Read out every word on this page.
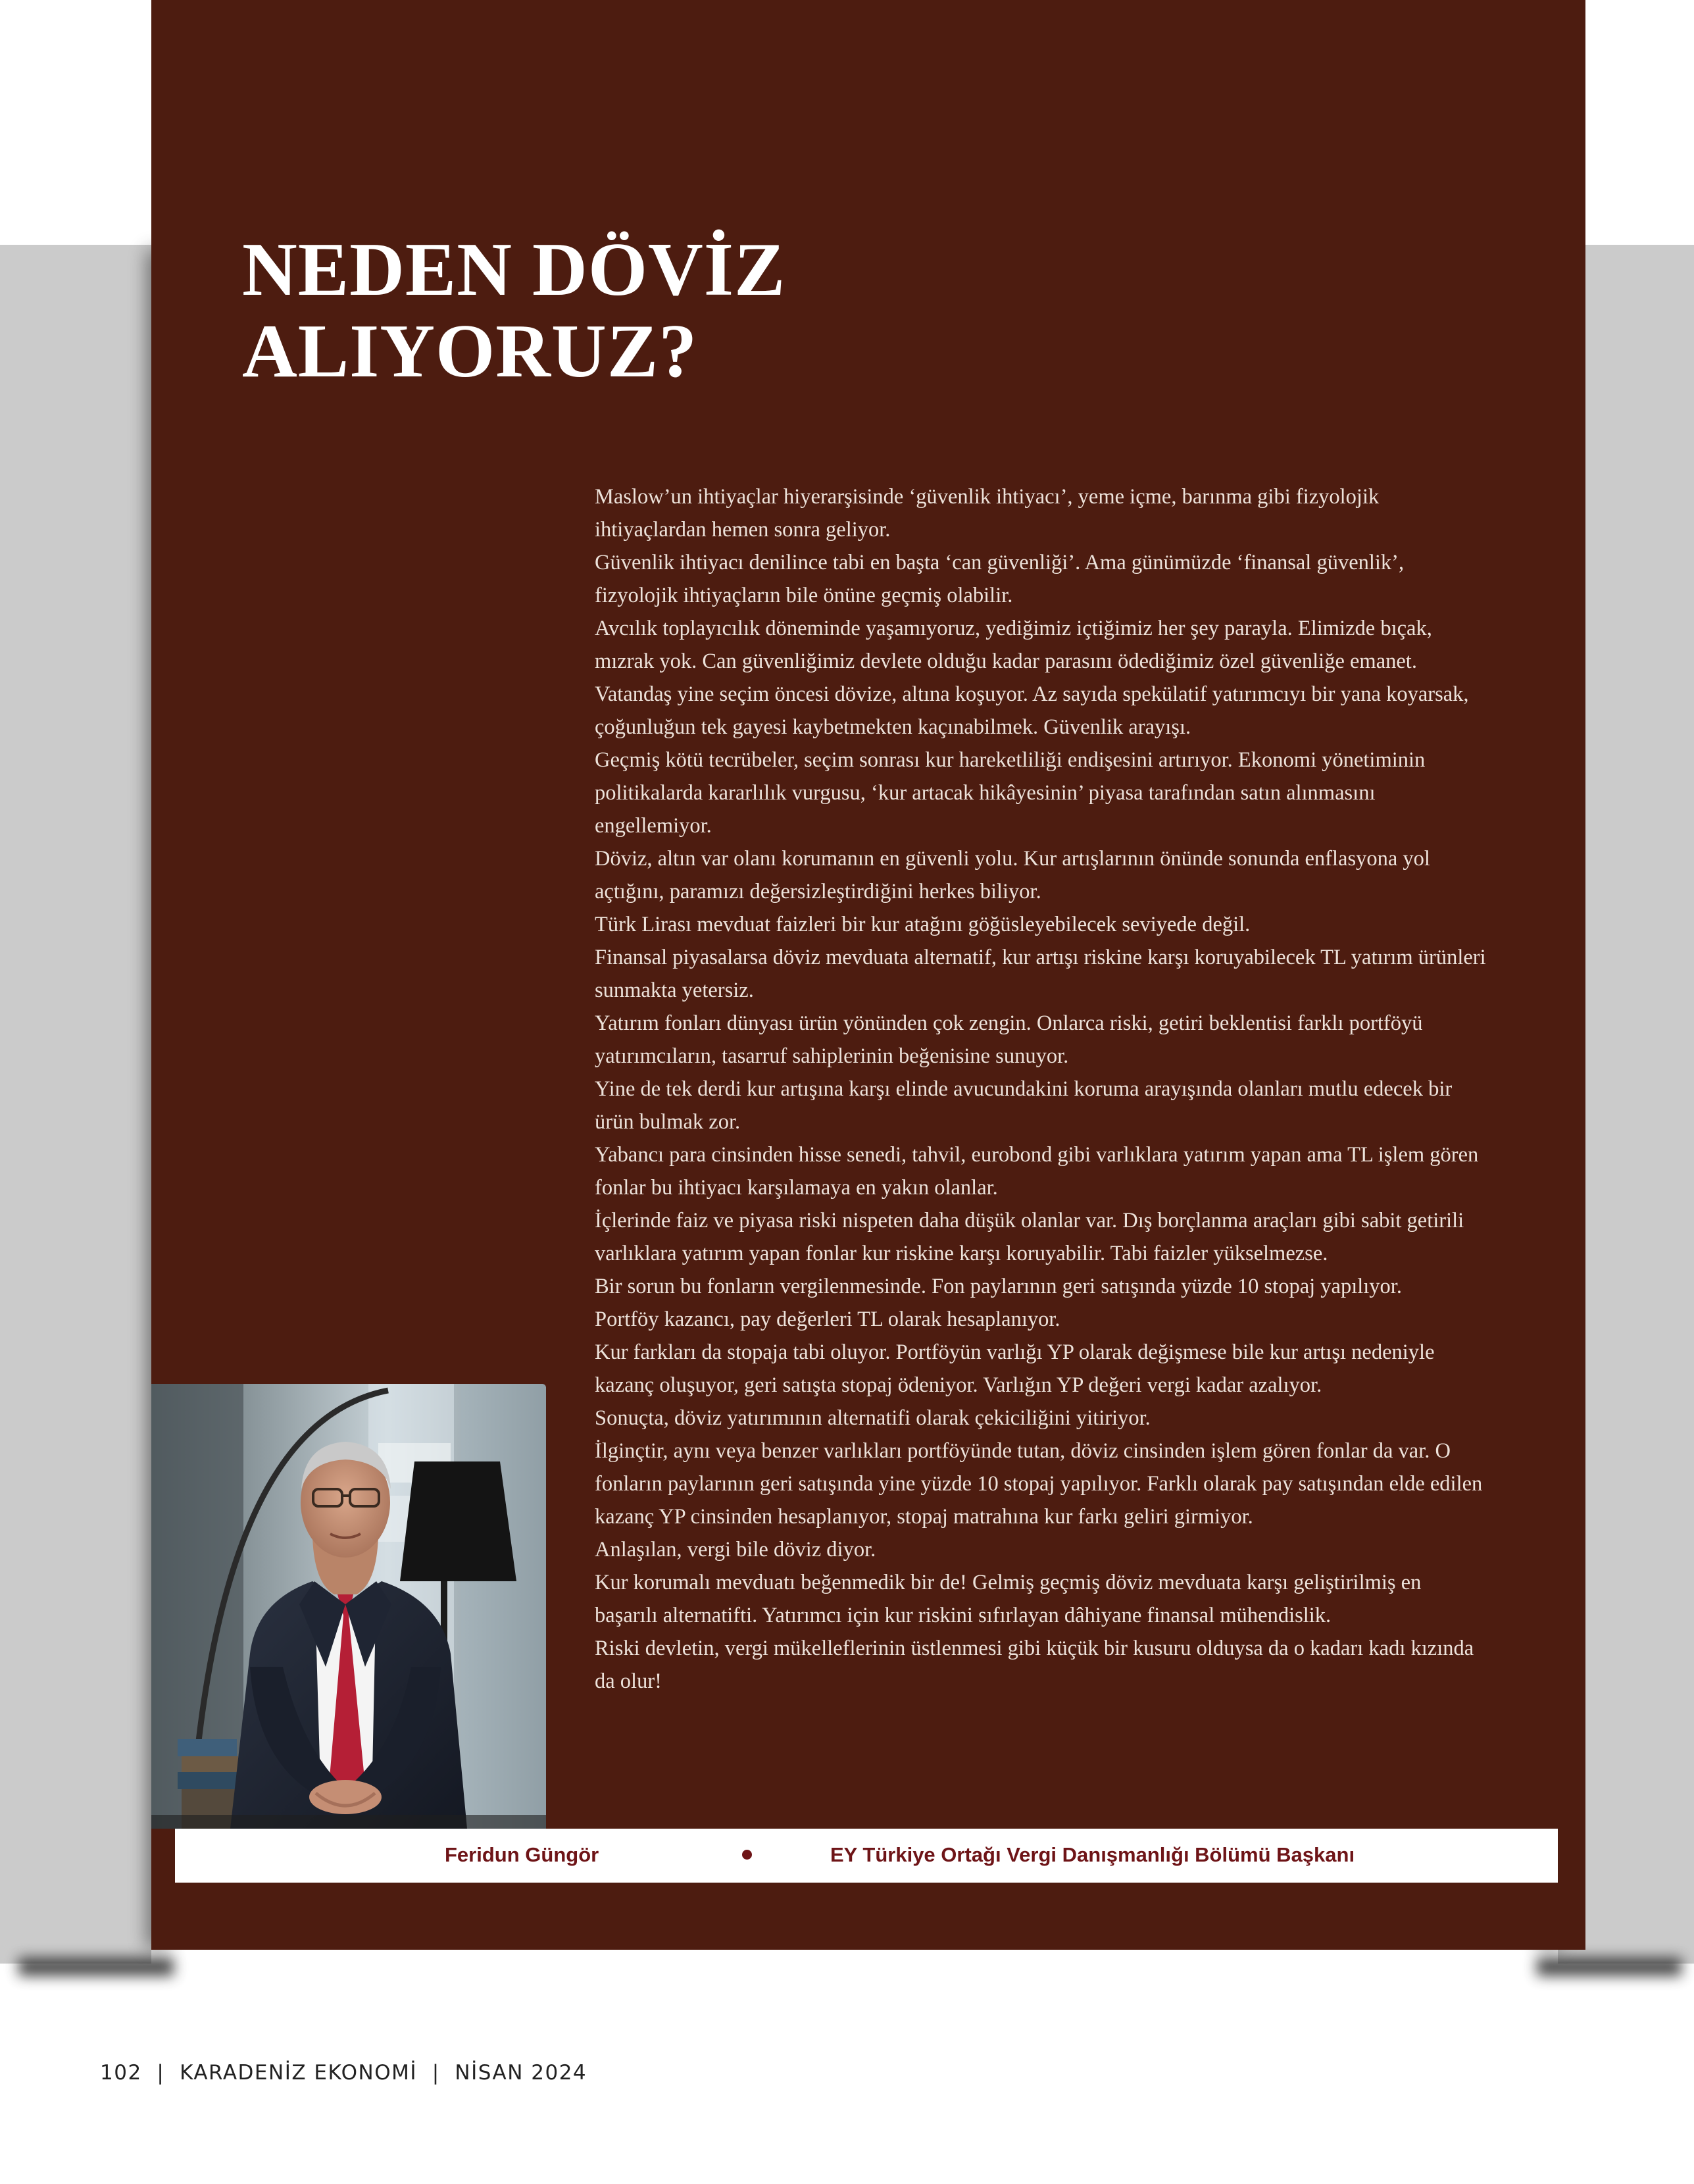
NEDEN DÖVİZ
ALIYORUZ?

Maslow’un ihtiyaçlar hiyerarşisinde ‘güvenlik ihtiyacı’, yeme içme, barınma gibi fizyolojik ihtiyaçlardan hemen sonra geliyor.

Güvenlik ihtiyacı denilince tabi en başta ‘can güvenliği’. Ama günümüzde ‘finansal güvenlik’, fizyolojik ihtiyaçların bile önüne geçmiş olabilir.

Avcılık toplayıcılık döneminde yaşamıyoruz, yediğimiz içtiğimiz her şey parayla. Elimizde bıçak, mızrak yok. Can güvenliğimiz devlete olduğu kadar parasını ödediğimiz özel güvenliğe emanet.

Vatandaş yine seçim öncesi dövize, altına koşuyor. Az sayıda spekülatif yatırımcıyı bir yana koyarsak, çoğunluğun tek gayesi kaybetmekten kaçınabilmek. Güvenlik arayışı.

Geçmiş kötü tecrübeler, seçim sonrası kur hareketliliği endişesini artırıyor. Ekonomi yönetiminin politikalarda kararlılık vurgusu, ‘kur artacak hikâyesinin’ piyasa tarafından satın alınmasını engellemiyor.

Döviz, altın var olanı korumanın en güvenli yolu. Kur artışlarının önünde sonunda enflasyona yol açtığını, paramızı değersizleştirdiğini herkes biliyor.

Türk Lirası mevduat faizleri bir kur atağını göğüsleyebilecek seviyede değil.

Finansal piyasalarsa döviz mevduata alternatif, kur artışı riskine karşı koruyabilecek TL yatırım ürünleri sunmakta yetersiz.

Yatırım fonları dünyası ürün yönünden çok zengin. Onlarca riski, getiri beklentisi farklı portföyü yatırımcıların, tasarruf sahiplerinin beğenisine sunuyor.

Yine de tek derdi kur artışına karşı elinde avucundakini koruma arayışında olanları mutlu edecek bir ürün bulmak zor.

Yabancı para cinsinden hisse senedi, tahvil, eurobond gibi varlıklara yatırım yapan ama TL işlem gören fonlar bu ihtiyacı karşılamaya en yakın olanlar.

İçlerinde faiz ve piyasa riski nispeten daha düşük olanlar var. Dış borçlanma araçları gibi sabit getirili varlıklara yatırım yapan fonlar kur riskine karşı koruyabilir. Tabi faizler yükselmezse.

Bir sorun bu fonların vergilenmesinde. Fon paylarının geri satışında yüzde 10 stopaj yapılıyor.

Portföy kazancı, pay değerleri TL olarak hesaplanıyor.

Kur farkları da stopaja tabi oluyor. Portföyün varlığı YP olarak değişmese bile kur artışı nedeniyle kazanç oluşuyor, geri satışta stopaj ödeniyor. Varlığın YP değeri vergi kadar azalıyor.

Sonuçta, döviz yatırımının alternatifi olarak çekiciliğini yitiriyor.

İlginçtir, aynı veya benzer varlıkları portföyünde tutan, döviz cinsinden işlem gören fonlar da var. O fonların paylarının geri satışında yine yüzde 10 stopaj yapılıyor. Farklı olarak pay satışından elde edilen kazanç YP cinsinden hesaplanıyor, stopaj matrahına kur farkı geliri girmiyor.

Anlaşılan, vergi bile döviz diyor.

Kur korumalı mevduatı beğenmedik bir de! Gelmiş geçmiş döviz mevduata karşı geliştirilmiş en başarılı alternatifti. Yatırımcı için kur riskini sıfırlayan dâhiyane finansal mühendislik.

Riski devletin, vergi mükelleflerinin üstlenmesi gibi küçük bir kusuru olduysa da o kadarı kadı kızında da olur!

Feridun Güngör	EY Türkiye Ortağı Vergi Danışmanlığı Bölümü Başkanı
102 | KARADENİZ EKONOMİ | NİSAN 2024
